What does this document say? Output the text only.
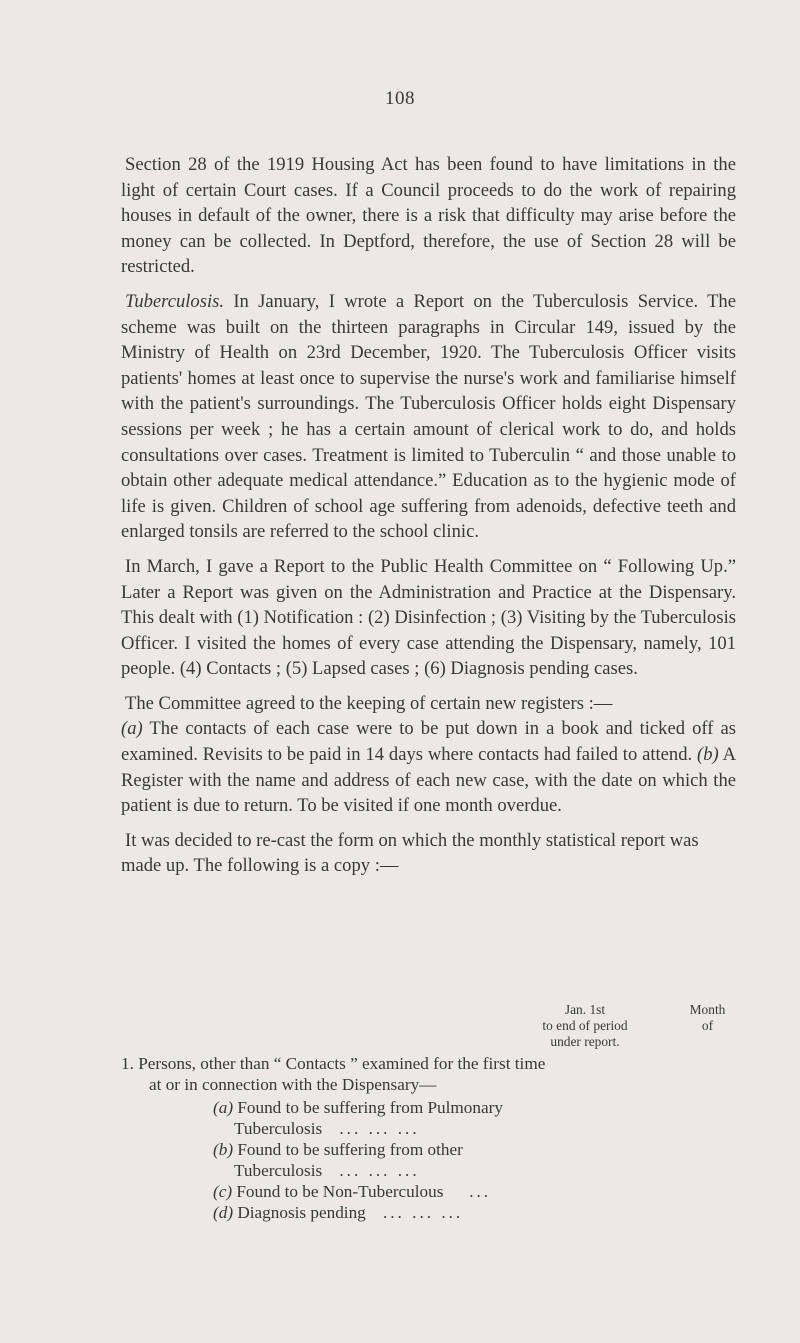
108

Section 28 of the 1919 Housing Act has been found to have limitations in the light of certain Court cases. If a Council proceeds to do the work of repairing houses in default of the owner, there is a risk that difficulty may arise before the money can be collected. In Deptford, therefore, the use of Section 28 will be restricted.

Tuberculosis. In January, I wrote a Report on the Tuberculosis Service. The scheme was built on the thirteen paragraphs in Circular 149, issued by the Ministry of Health on 23rd December, 1920. The Tuberculosis Officer visits patients' homes at least once to supervise the nurse's work and familiarise himself with the patient's surroundings. The Tuberculosis Officer holds eight Dispensary sessions per week ; he has a certain amount of clerical work to do, and holds consultations over cases. Treatment is limited to Tuberculin “ and those unable to obtain other adequate medical attendance.” Education as to the hygienic mode of life is given. Children of school age suffering from adenoids, defective teeth and enlarged tonsils are referred to the school clinic.

In March, I gave a Report to the Public Health Committee on “ Following Up.” Later a Report was given on the Administration and Practice at the Dispensary. This dealt with (1) Notification : (2) Disinfection ; (3) Visiting by the Tuberculosis Officer. I visited the homes of every case attending the Dispensary, namely, 101 people. (4) Contacts ; (5) Lapsed cases ; (6) Diagnosis pending cases.

The Committee agreed to the keeping of certain new registers :—
(a) The contacts of each case were to be put down in a book and ticked off as examined. Revisits to be paid in 14 days where contacts had failed to attend. (b) A Register with the name and address of each new case, with the date on which the patient is due to return. To be visited if one month overdue.

It was decided to re-cast the form on which the monthly statistical report was made up. The following is a copy :—

Jan. 1st
to end of period
under report.
Month
of
1. Persons, other than “ Contacts ” examined for the first time at or in connection with the Dispensary—
(a) Found to be suffering from Pulmonary Tuberculosis ... ... ...
(b) Found to be suffering from other Tuberculosis ... ... ...
(c) Found to be Non-Tuberculous ...
(d) Diagnosis pending ... ... ...
